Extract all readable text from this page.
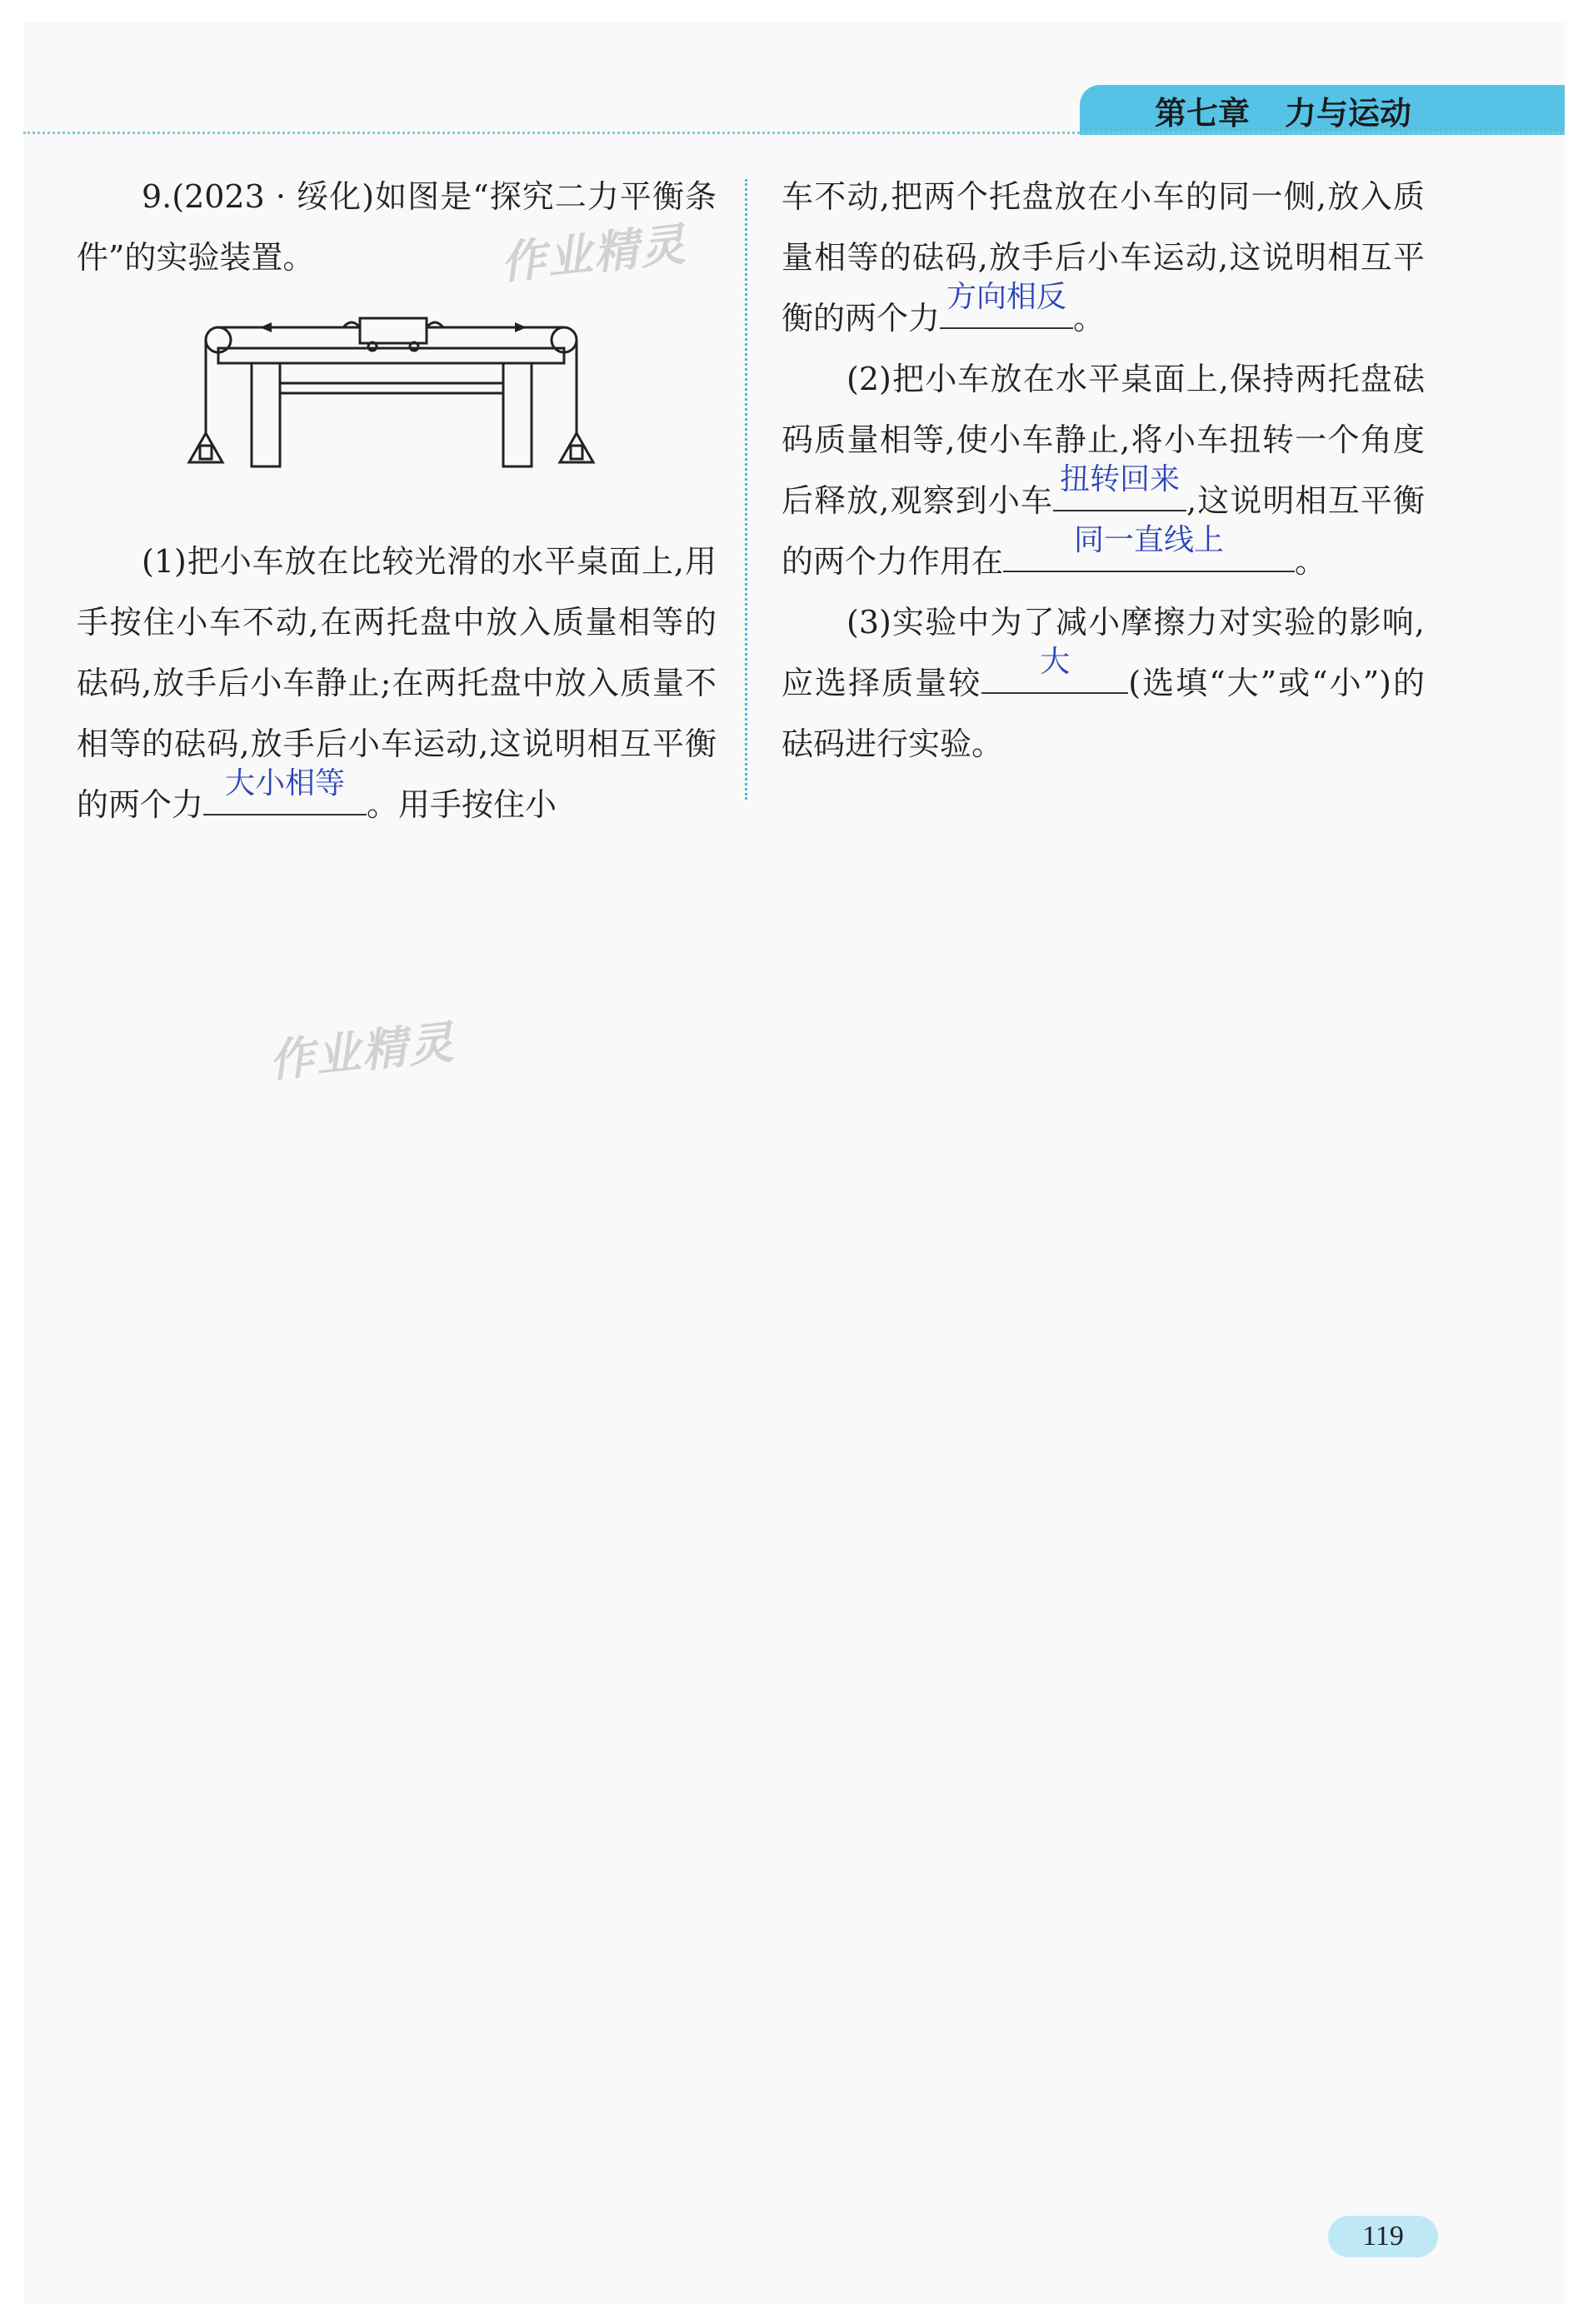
第七章 力与运动
作业精灵
作业精灵

9.(2023 · 绥化)如图是“探究二力平衡条件”的实验装置。

(1)把小车放在比较光滑的水平桌面上,用手按住小车不动,在两托盘中放入质量相等的砝码,放手后小车静止;在两托盘中放入质量不相等的砝码,放手后小车运动,这说明相互平衡的两个力
大小相等
。用手按住小

车不动,把两个托盘放在小车的同一侧,放入质量相等的砝码,放手后小车运动,这说明相互平衡的两个力
方向相反
。

(2)把小车放在水平桌面上,保持两托盘砝码质量相等,使小车静止,将小车扭转一个角度后释放,观察到小车
扭转回来
,这说明相互平衡的两个力作用在
同一直线上
。

(3)实验中为了减小摩擦力对实验的影响,应选择质量较
大
(选填“大”或“小”)的砝码进行实验。

119
